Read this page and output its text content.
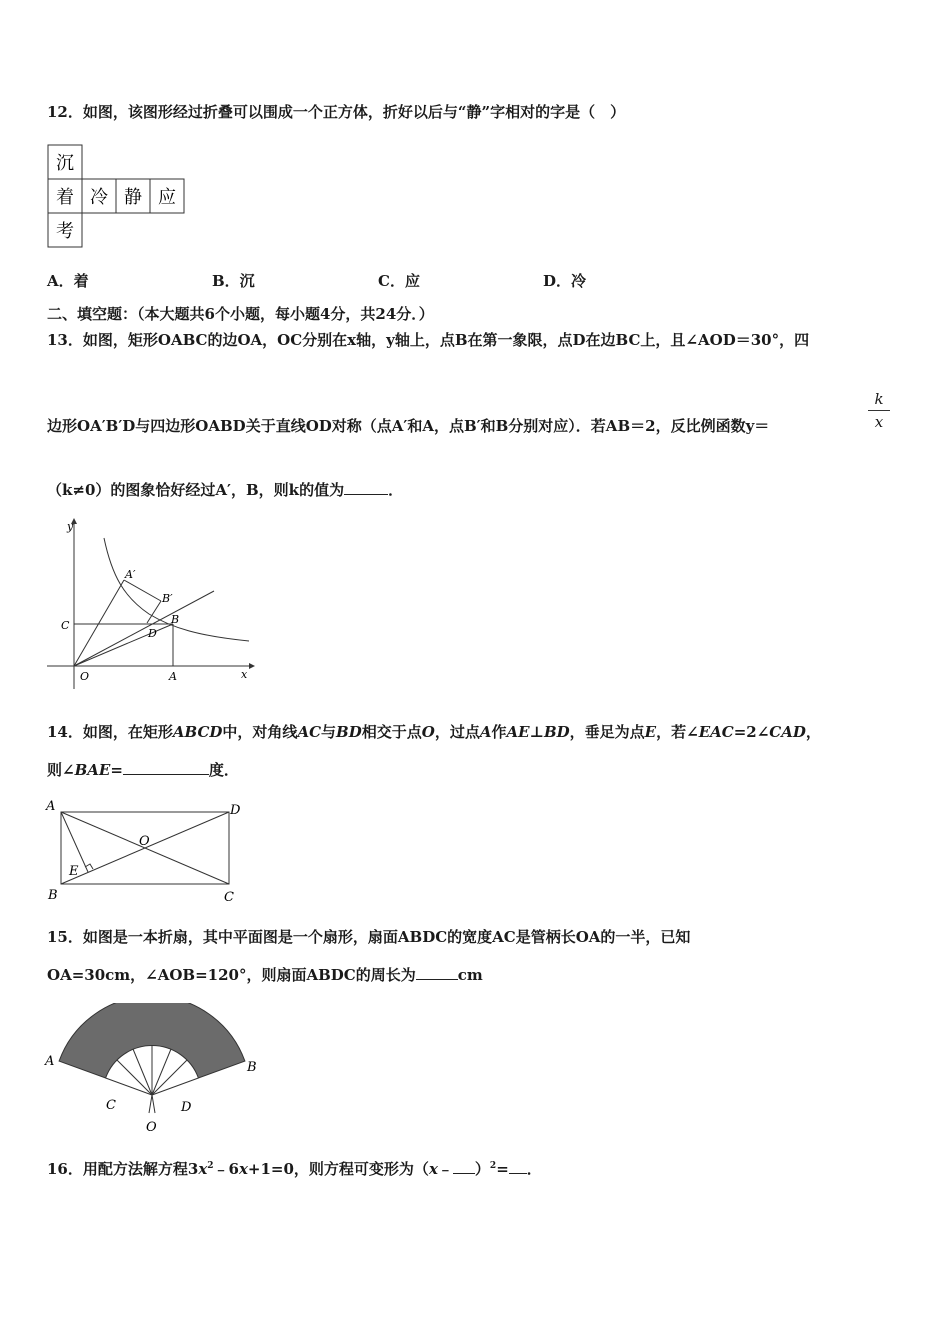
12．如图，该图形经过折叠可以围成一个正方体，折好以后与“静”字相对的字是（　）
沉
着 冷 静 应
考
A．着	B．沉	C．应	D．冷
二、填空题：（本大题共6个小题，每小题4分，共24分．）
13．如图，矩形OABC的边OA，OC分别在x轴，y轴上，点B在第一象限，点D在边BC上，且∠AOD＝30°，四
边形OA′B′D与四边形OABD关于直线OD对称（点A′和A，点B′和B分别对应）．若AB＝2，反比例函数y＝
k
x
（k≠0）的图象恰好经过A′，B，则k的值为	．
y
x
O	A
C	B
D
A′
B′
14．如图，在矩形ABCD中，对角线AC与BD相交于点O，过点A作AE⊥BD，垂足为点E，若∠EAC=2∠CAD，
则∠BAE=	度．
A	D
B	C
O
E
15．如图是一本折扇，其中平面图是一个扇形，扇面ABDC的宽度AC是管柄长OA的一半，已知
OA=30cm，∠AOB=120°，则扇面ABDC的周长为	cm
A	B
C	D
O
16．用配方法解方程$3x^2﹣6x+1=0$，则方程可变形为（x﹣ ）$^2$= ．
